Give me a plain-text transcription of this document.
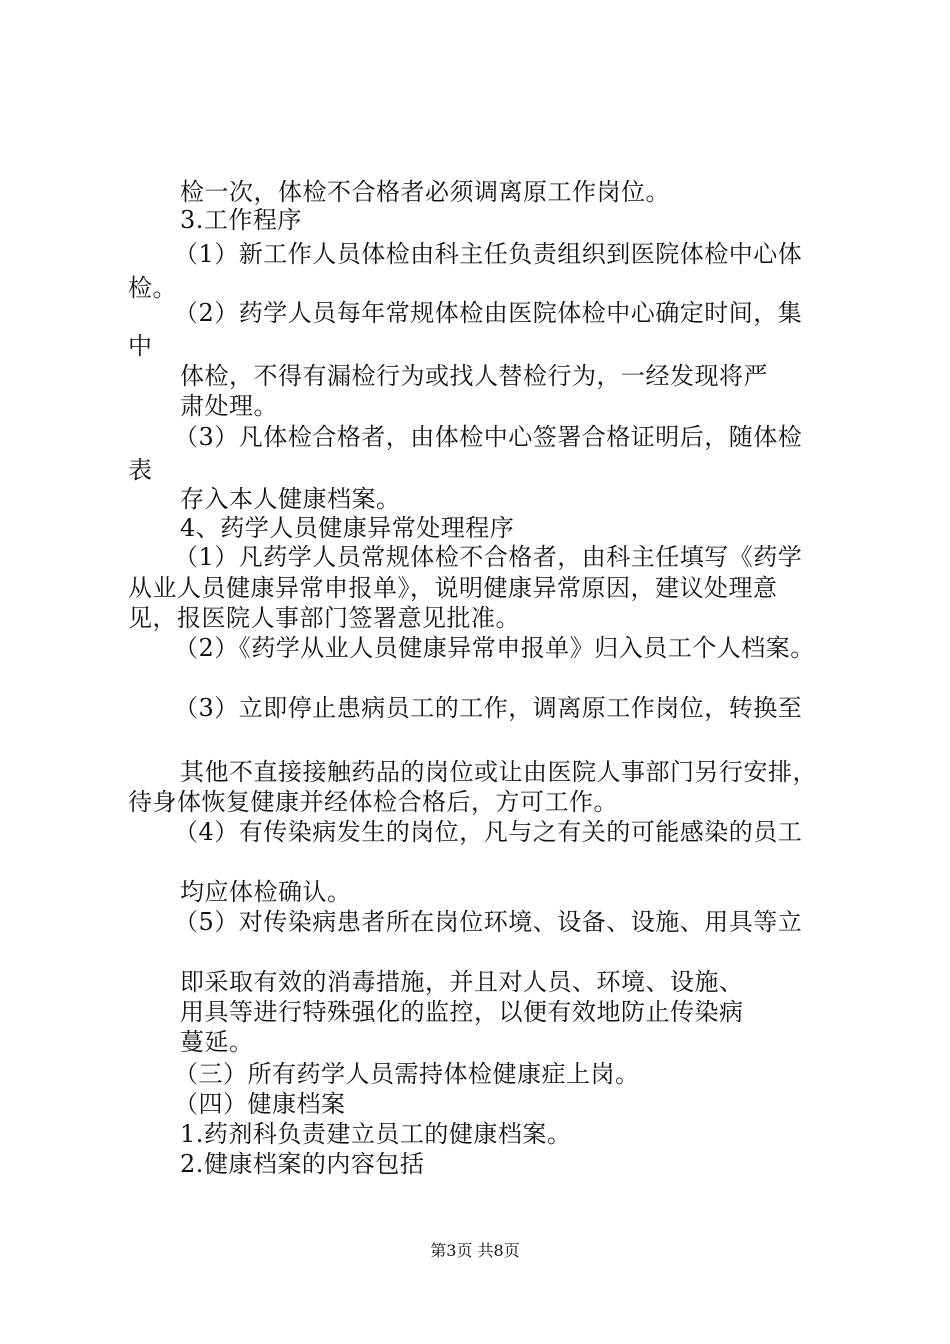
检一次，体检不合格者必须调离原工作岗位。

3.工作程序

（1）新工作人员体检由科主任负责组织到医院体检中心体

检。

（2）药学人员每年常规体检由医院体检中心确定时间，集

中

体检，不得有漏检行为或找人替检行为，一经发现将严

肃处理。

（3）凡体检合格者，由体检中心签署合格证明后，随体检

表

存入本人健康档案。

4、药学人员健康异常处理程序

（1）凡药学人员常规体检不合格者，由科主任填写《药学

从业人员健康异常申报单》，说明健康异常原因，建议处理意

见，报医院人事部门签署意见批准。

（2）《药学从业人员健康异常申报单》归入员工个人档案。

（3）立即停止患病员工的工作，调离原工作岗位，转换至

其他不直接接触药品的岗位或让由医院人事部门另行安排，

待身体恢复健康并经体检合格后，方可工作。

（4）有传染病发生的岗位，凡与之有关的可能感染的员工

均应体检确认。

（5）对传染病患者所在岗位环境、设备、设施、用具等立

即采取有效的消毒措施，并且对人员、环境、设施、

用具等进行特殊强化的监控，以便有效地防止传染病

蔓延。

（三）所有药学人员需持体检健康症上岗。

（四）健康档案

1.药剂科负责建立员工的健康档案。

2.健康档案的内容包括

第3页 共8页
